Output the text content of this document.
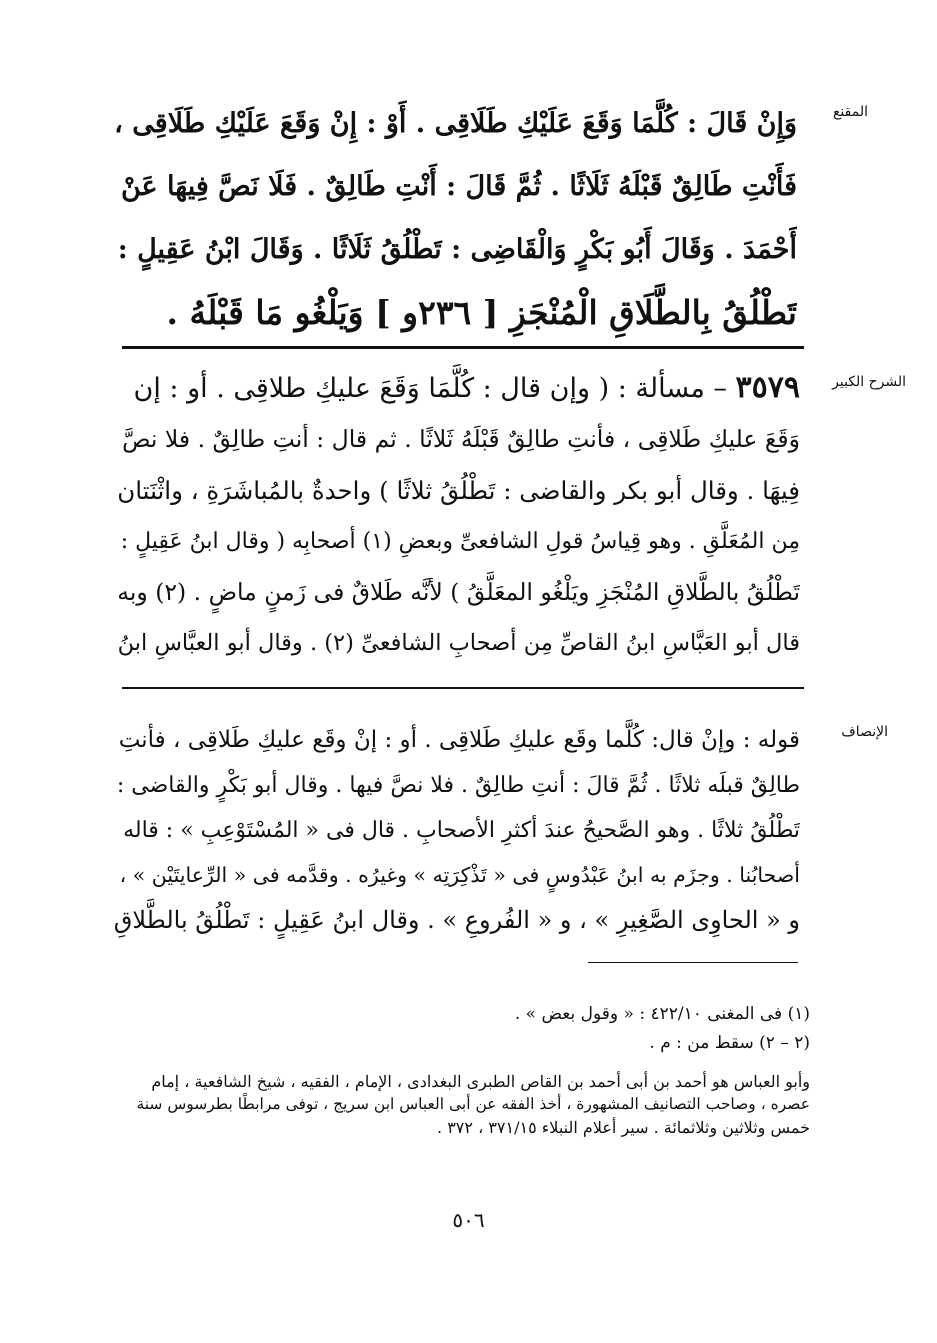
المقنع
وَإِنْ قَالَ : كُلَّمَا وَقَعَ عَلَيْكِ طَلَاقِى . أَوْ : إِنْ وَقَعَ عَلَيْكِ طَلَاقِى ،
فَأَنْتِ طَالِقٌ قَبْلَهُ ثَلَاثًا . ثُمَّ قَالَ : أَنْتِ طَالِقٌ . فَلَا نَصَّ فِيهَا عَنْ
أَحْمَدَ . وَقَالَ أَبُو بَكْرٍ وَالْقَاضِى : تَطْلُقُ ثَلَاثًا . وَقَالَ ابْنُ عَقِيلٍ :
تَطْلُقُ بِالطَّلَاقِ الْمُنْجَزِ [ ٢٣٦و ] وَيَلْغُو مَا قَبْلَهُ .
الشرح الكبير
٣٥٧٩ – مسألة : ( وإن قال : كُلَّمَا وَقَعَ عليكِ طلاقِى . أو : إن
وَقَعَ عليكِ طَلاقِى ، فأنتِ طالِقٌ قَبْلَهُ ثَلاثًا . ثم قال : أنتِ طالِقٌ . فلا نصَّ
فِيهَا . وقال أبو بكر والقاضى : تَطْلُقُ ثلاثًا ) واحدةٌ بالمُباشَرَةِ ، واثْنَتان
مِن المُعَلَّقِ . وهو قِياسُ قولِ الشافعىِّ وبعضِ (١) أصحابِه ( وقال ابنُ عَقِيلٍ :
تَطْلُقُ بالطَّلاقِ المُنْجَزِ ويَلْغُو المعَلَّقُ ) لأنَّه طَلاقٌ فى زَمنٍ ماضٍ . (٢) وبه
قال أبو العَبَّاسِ ابنُ القاصِّ مِن أصحابِ الشافعىِّ (٢) . وقال أبو العبَّاسِ ابنُ
الإنصاف
قوله : وإنْ قال: كُلَّما وقَع عليكِ طَلاقِى . أو : إنْ وقَع عليكِ طَلاقِى ، فأنتِ
طالِقٌ قبلَه ثلاثًا . ثُمَّ قالَ : أنتِ طالِقٌ . فلا نصَّ فيها . وقال أبو بَكْرٍ والقاضى :
تَطْلُقُ ثلاثًا . وهو الصَّحيحُ عندَ أكثرِ الأصحابِ . قال فى « المُسْتَوْعِبِ » : قاله
أصحابُنا . وجزَم به ابنُ عَبْدُوسٍ فى « تَذْكِرَتِه » وغيرُه . وقدَّمه فى « الرِّعايتَيْن » ،
و « الحاوِى الصَّغِيرِ » ، و « الفُروعِ » . وقال ابنُ عَقِيلٍ : تَطْلُقُ بالطَّلاقِ
(١) فى المغنى ٤٢٢/١٠ : « وقول بعض » .
(٢ – ٢) سقط من : م .
وأبو العباس هو أحمد بن أبى أحمد بن القاص الطبرى البغدادى ، الإمام ، الفقيه ، شيخ الشافعية ، إمام
عصره ، وصاحب التصانيف المشهورة ، أخذ الفقه عن أبى العباس ابن سريج ، توفى مرابطًا بطرسوس سنة
خمس وثلاثين وثلاثمائة . سير أعلام النبلاء ٣٧١/١٥ ، ٣٧٢ .
٥٠٦
